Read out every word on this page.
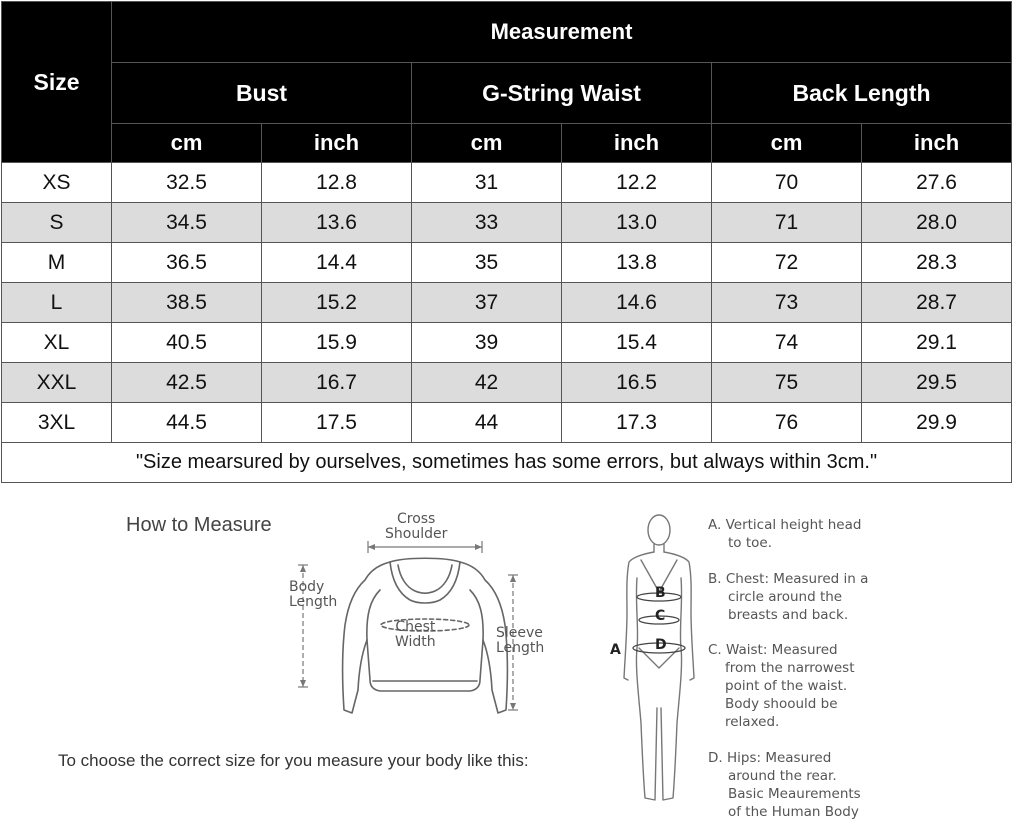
Size	Measurement					
	Bust		G-String Waist		Back Length	
	cm	inch	cm	inch	cm	inch
XS	32.5	12.8	31	12.2	70	27.6
S	34.5	13.6	33	13.0	71	28.0
M	36.5	14.4	35	13.8	72	28.3
L	38.5	15.2	37	14.6	73	28.7
XL	40.5	15.9	39	15.4	74	29.1
XXL	42.5	16.7	42	16.5	75	29.5
3XL	44.5	17.5	44	17.3	76	29.9
"Size mearsured by ourselves, sometimes has some errors, but always within 3cm."						
How to Measure
To choose the correct size for you measure your body like this:
Cross
Shoulder
Body
Length
Chest
Width
Sleeve
Length	A
B
C
D
A. Vertical height head
to toe.
B. Chest: Measured in a
circle around the
breasts and back.
C. Waist: Measured
from the narrowest
point of the waist.
Body shoould be
relaxed.
D. Hips: Measured
around the rear.
Basic Meaurements
of the Human Body
